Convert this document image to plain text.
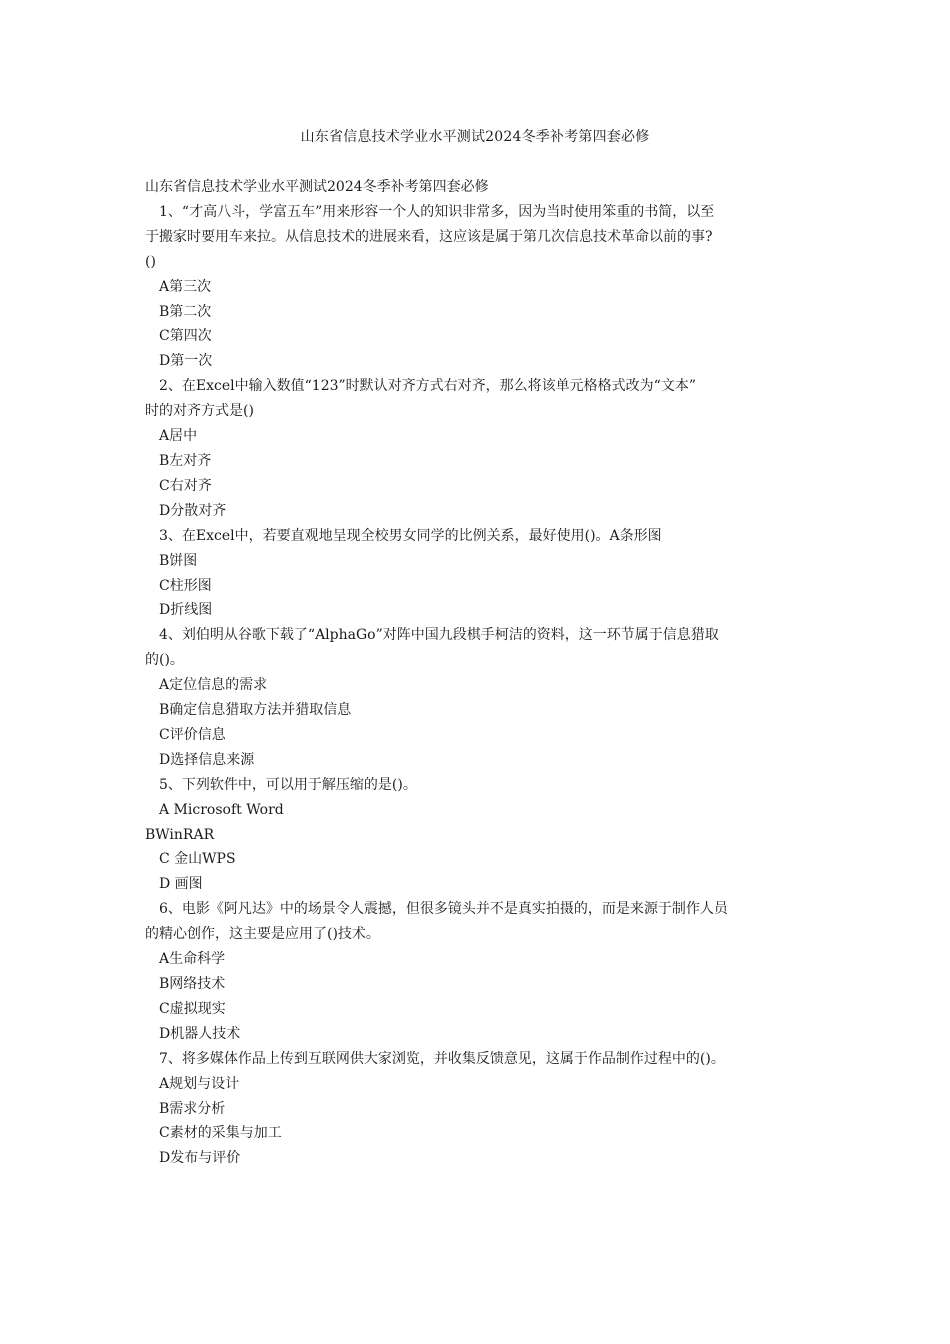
山东省信息技术学业水平测试2024冬季补考第四套必修
山东省信息技术学业水平测试2024冬季补考第四套必修
1、“才高八斗，学富五车”用来形容一个人的知识非常多，因为当时使用笨重的书简，以至
于搬家时要用车来拉。从信息技术的进展来看，这应该是属于第几次信息技术革命以前的事?
()
A第三次
B第二次
C第四次
D第一次
2、在Excel中输入数值“123”时默认对齐方式右对齐，那么将该单元格格式改为“文本”
时的对齐方式是()
A居中
B左对齐
C右对齐
D分散对齐
3、在Excel中，若要直观地呈现全校男女同学的比例关系，最好使用()。A条形图
B饼图
C柱形图
D折线图
4、刘伯明从谷歌下载了“AlphaGo”对阵中国九段棋手柯洁的资料，这一环节属于信息猎取
的()。
A定位信息的需求
B确定信息猎取方法并猎取信息
C评价信息
D选择信息来源
5、下列软件中，可以用于解压缩的是()。
A Microsoft Word
BWinRAR
C 金山WPS
D 画图
6、电影《阿凡达》中的场景令人震撼，但很多镜头并不是真实拍摄的，而是来源于制作人员
的精心创作，这主要是应用了()技术。
A生命科学
B网络技术
C虚拟现实
D机器人技术
7、将多媒体作品上传到互联网供大家浏览，并收集反馈意见，这属于作品制作过程中的()。
A规划与设计
B需求分析
C素材的采集与加工
D发布与评价
